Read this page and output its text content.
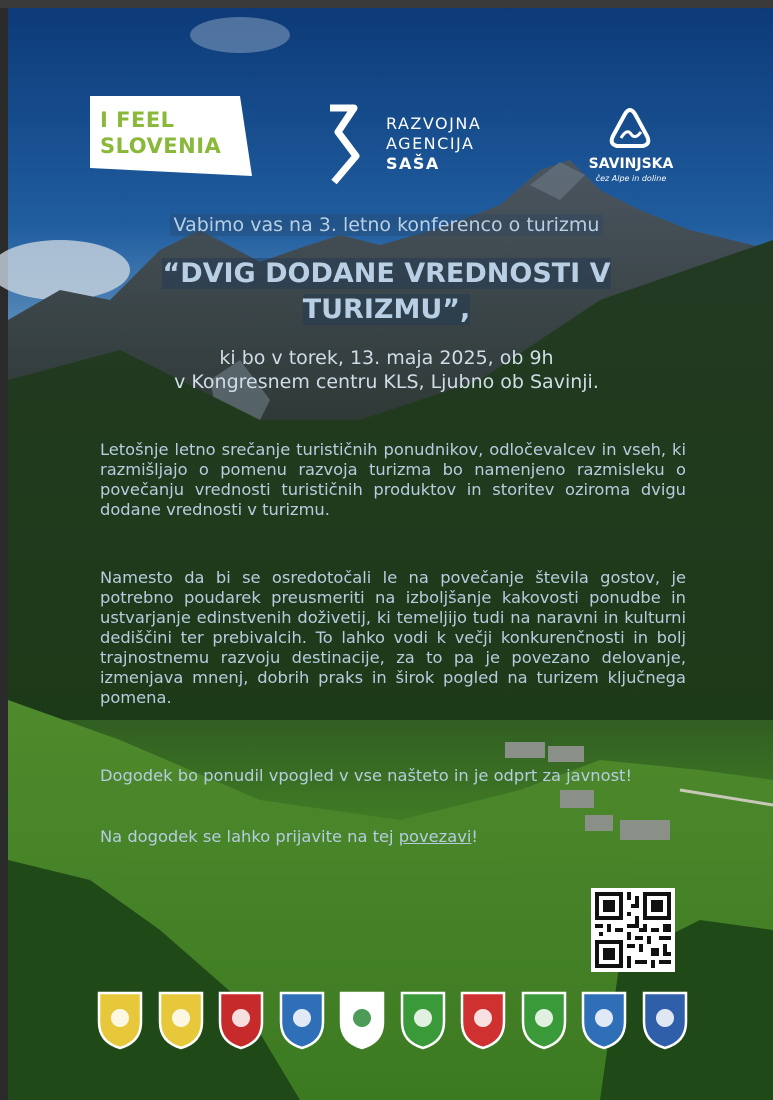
I FEEL
SLOVENIA
RAZVOJNA
AGENCIJA
SAŠA	SAVINJSKA
čez Alpe in doline
Vabimo vas na 3. letno konferenco o turizmu
“DVIG DODANE VREDNOSTI V TURIZMU”,
ki bo v torek, 13. maja 2025, ob 9h
v Kongresnem centru KLS, Ljubno ob Savinji.

Letošnje letno srečanje turističnih ponudnikov, odločevalcev in vseh, ki razmišljajo o pomenu razvoja turizma bo namenjeno razmisleku o povečanju vrednosti turističnih produktov in storitev oziroma dvigu dodane vrednosti v turizmu.

Namesto da bi se osredotočali le na povečanje števila gostov, je potrebno poudarek preusmeriti na izboljšanje kakovosti ponudbe in ustvarjanje edinstvenih doživetij, ki temeljijo tudi na naravni in kulturni dediščini ter prebivalcih. To lahko vodi k večji konkurenčnosti in bolj trajnostnemu razvoju destinacije, za to pa je povezano delovanje, izmenjava mnenj, dobrih praks in širok pogled na turizem ključnega pomena.

Dogodek bo ponudil vpogled v vse našteto in je odprt za javnost!

Na dogodek se lahko prijavite na tej povezavi!
